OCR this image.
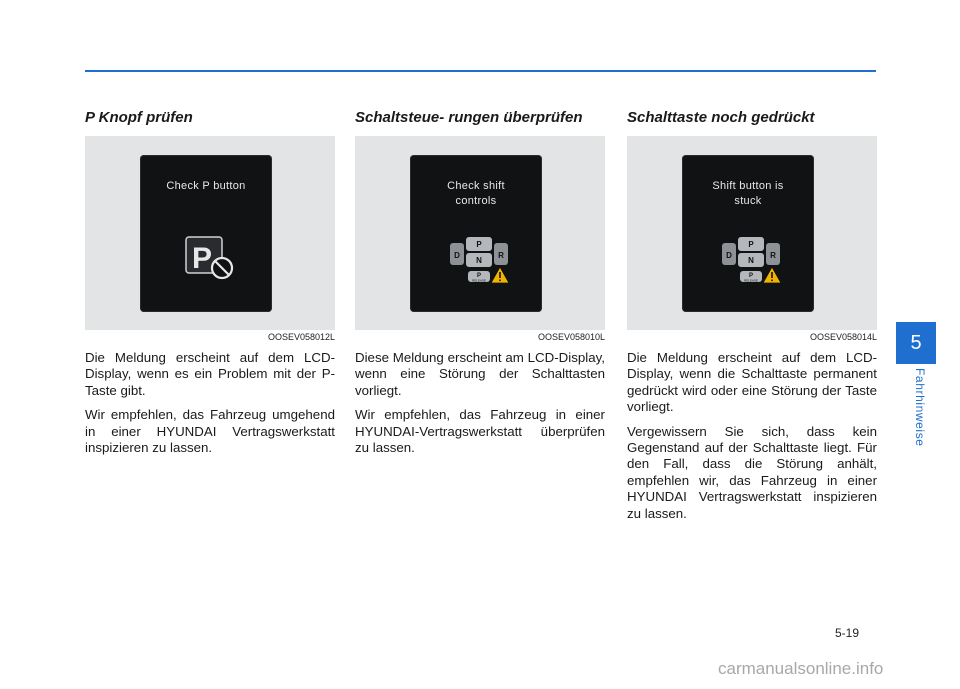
P Knopf prüfen
Check P button
P
OOSEV058012L

Die Meldung erscheint auf dem LCD-Display, wenn es ein Problem mit der P-Taste gibt.

Wir empfehlen, das Fahrzeug umgehend in einer HYUNDAI Vertragswerkstatt inspizieren zu lassen.

Schaltsteue- rungen überprüfen
Check shift controls
D	R
P
N
P
RELEASE
OOSEV058010L

Diese Meldung erscheint am LCD-Display, wenn eine Störung der Schalttasten vorliegt.

Wir empfehlen, das Fahrzeug in einer HYUNDAI-Vertragswerkstatt überprüfen zu lassen.

Schalttaste noch gedrückt
Shift button is stuck
D	R
P
N
P
RELEASE
OOSEV058014L

Die Meldung erscheint auf dem LCD-Display, wenn die Schalttaste permanent gedrückt wird oder eine Störung der Taste vorliegt.

Vergewissern Sie sich, dass kein Gegenstand auf der Schalttaste liegt. Für den Fall, dass die Störung anhält, empfehlen wir, das Fahrzeug in einer HYUNDAI Vertragswerkstatt inspizieren zu lassen.

5
Fahrhinweise
5-19
carmanualsonline.info
